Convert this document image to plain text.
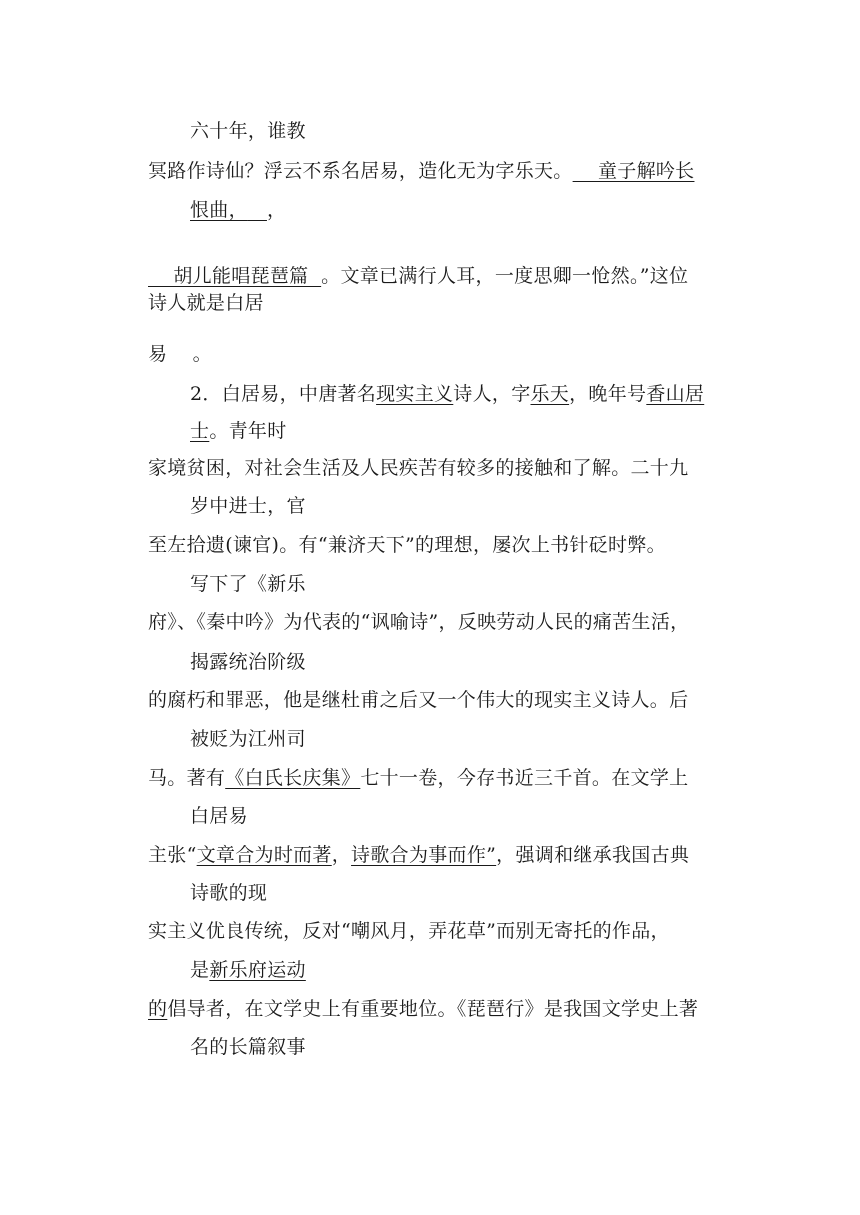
六十年，谁教
冥路作诗仙？浮云不系名居易，造化无为字乐天。    童子解吟长
恨曲， ，
胡儿能唱琵琶篇  。文章已满行人耳，一度思卿一怆然。”这位
诗人就是白居
易    。
2．白居易，中唐著名现实主义诗人，字乐天，晚年号香山居
士。青年时
家境贫困，对社会生活及人民疾苦有较多的接触和了解。二十九
岁中进士，官
至左拾遗(谏官)。有“兼济天下”的理想，屡次上书针砭时弊。
写下了《新乐
府》、《秦中吟》为代表的“讽喻诗”，反映劳动人民的痛苦生活，
揭露统治阶级
的腐朽和罪恶，他是继杜甫之后又一个伟大的现实主义诗人。后
被贬为江州司
马。著有《白氏长庆集》七十一卷，今存书近三千首。在文学上
白居易
主张“文章合为时而著，诗歌合为事而作”，强调和继承我国古典
诗歌的现
实主义优良传统，反对“嘲风月，弄花草”而别无寄托的作品，
是新乐府运动
的倡导者，在文学史上有重要地位。《琵琶行》是我国文学史上著
名的长篇叙事
